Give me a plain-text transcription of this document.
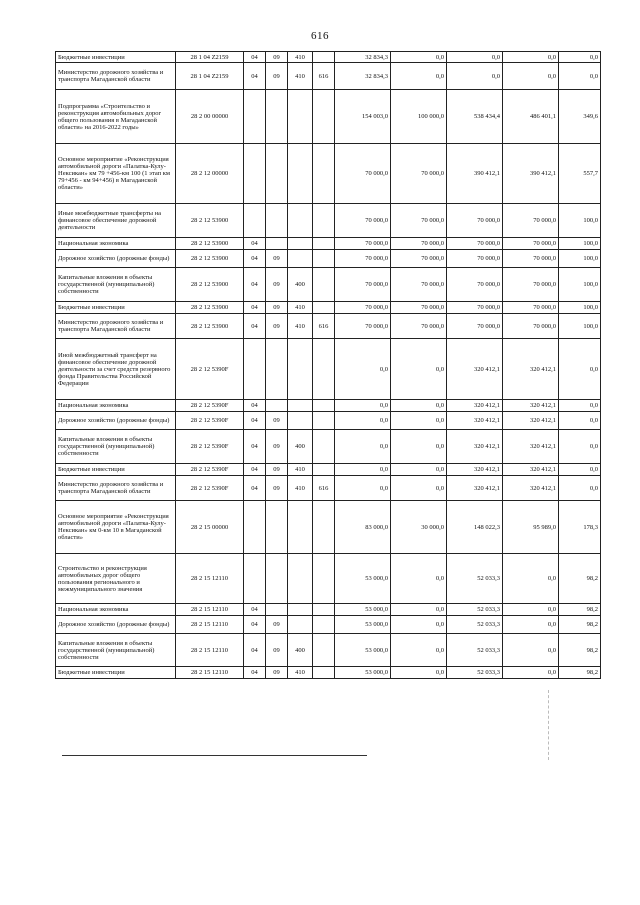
616
Бюджетные инвестиции	28 1 04 Z2159	04	09	410		32 834,3	0,0	0,0	0,0	0,0
Министерство дорожного хозяйства и транспорта Магаданской области	28 1 04 Z2159	04	09	410	616	32 834,3	0,0	0,0	0,0	0,0
Подпрограмма «Строительство и реконструкция автомобильных дорог общего пользования в Магаданской области» на 2016-2022 годы»	28 2 00 00000					154 003,0	100 000,0	538 434,4	486 401,1	349,6
Основное мероприятие «Реконструкция автомобильной дороги «Палатка-Кулу-Нексикан» км 79 +456-км 100 (1 этап км 79+456 - км 94+456) в Магаданской области»	28 2 12 00000					70 000,0	70 000,0	390 412,1	390 412,1	557,7
Иные межбюджетные трансферты на финансовое обеспечение дорожной деятельности	28 2 12 53900					70 000,0	70 000,0	70 000,0	70 000,0	100,0
Национальная экономика	28 2 12 53900	04				70 000,0	70 000,0	70 000,0	70 000,0	100,0
Дорожное хозяйство (дорожные фонды)	28 2 12 53900	04	09			70 000,0	70 000,0	70 000,0	70 000,0	100,0
Капитальные вложения в объекты государственной (муниципальной) собственности	28 2 12 53900	04	09	400		70 000,0	70 000,0	70 000,0	70 000,0	100,0
Бюджетные инвестиции	28 2 12 53900	04	09	410		70 000,0	70 000,0	70 000,0	70 000,0	100,0
Министерство дорожного хозяйства и транспорта Магаданской области	28 2 12 53900	04	09	410	616	70 000,0	70 000,0	70 000,0	70 000,0	100,0
Иной межбюджетный трансферт на финансовое обеспечение дорожной деятельности за счет средств резервного фонда Правительства Российской Федерации	28 2 12 5390F					0,0	0,0	320 412,1	320 412,1	0,0
Национальная экономика	28 2 12 5390F	04				0,0	0,0	320 412,1	320 412,1	0,0
Дорожное хозяйство (дорожные фонды)	28 2 12 5390F	04	09			0,0	0,0	320 412,1	320 412,1	0,0
Капитальные вложения в объекты государственной (муниципальной) собственности	28 2 12 5390F	04	09	400		0,0	0,0	320 412,1	320 412,1	0,0
Бюджетные инвестиции	28 2 12 5390F	04	09	410		0,0	0,0	320 412,1	320 412,1	0,0
Министерство дорожного хозяйства и транспорта Магаданской области	28 2 12 5390F	04	09	410	616	0,0	0,0	320 412,1	320 412,1	0,0
Основное мероприятие «Реконструкция автомобильной дороги «Палатка-Кулу-Нексикан» км 0-км 10 в Магаданской области»	28 2 15 00000					83 000,0	30 000,0	148 022,3	95 989,0	178,3
Строительство и реконструкция автомобильных дорог общего пользования регионального и межмуниципального значения	28 2 15 12110					53 000,0	0,0	52 033,3	0,0	98,2
Национальная экономика	28 2 15 12110	04				53 000,0	0,0	52 033,3	0,0	98,2
Дорожное хозяйство (дорожные фонды)	28 2 15 12110	04	09			53 000,0	0,0	52 033,3	0,0	98,2
Капитальные вложения в объекты государственной (муниципальной) собственности	28 2 15 12110	04	09	400		53 000,0	0,0	52 033,3	0,0	98,2
Бюджетные инвестиции	28 2 15 12110	04	09	410		53 000,0	0,0	52 033,3	0,0	98,2
